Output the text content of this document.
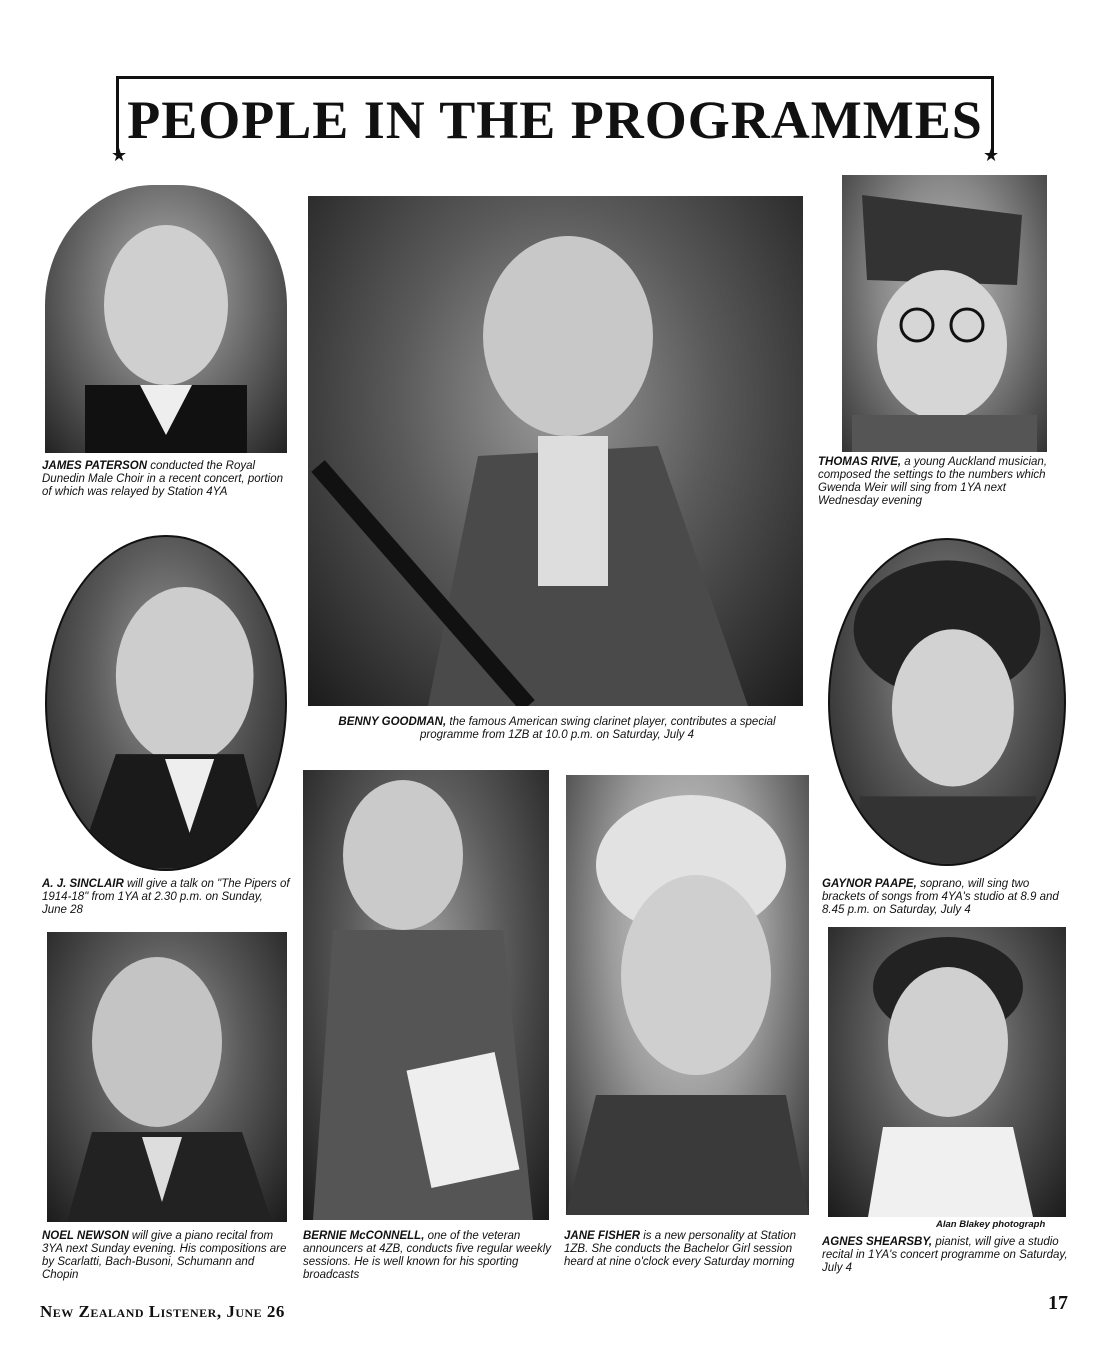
PEOPLE IN THE PROGRAMMES
★	★
JAMES PATERSON conducted the Royal Dunedin Male Choir in a recent concert, portion of which was relayed by Station 4YA
THOMAS RIVE, a young Auckland musician, composed the settings to the numbers which Gwenda Weir will sing from 1YA next Wednesday evening
BENNY GOODMAN, the famous American swing clarinet player, contributes a special programme from 1ZB at 10.0 p.m. on Saturday, July 4
A. J. SINCLAIR will give a talk on "The Pipers of 1914-18" from 1YA at 2.30 p.m. on Sunday, June 28
GAYNOR PAAPE, soprano, will sing two brackets of songs from 4YA's studio at 8.9 and 8.45 p.m. on Saturday, July 4
Alan Blakey photograph
NOEL NEWSON will give a piano recital from 3YA next Sunday evening. His compositions are by Scarlatti, Bach-Busoni, Schumann and Chopin
BERNIE McCONNELL, one of the veteran announcers at 4ZB, conducts five regular weekly sessions. He is well known for his sporting broadcasts
JANE FISHER is a new personality at Station 1ZB. She conducts the Bachelor Girl session heard at nine o'clock every Saturday morning
AGNES SHEARSBY, pianist, will give a studio recital in 1YA's concert programme on Saturday, July 4
New Zealand Listener, June 26	17
